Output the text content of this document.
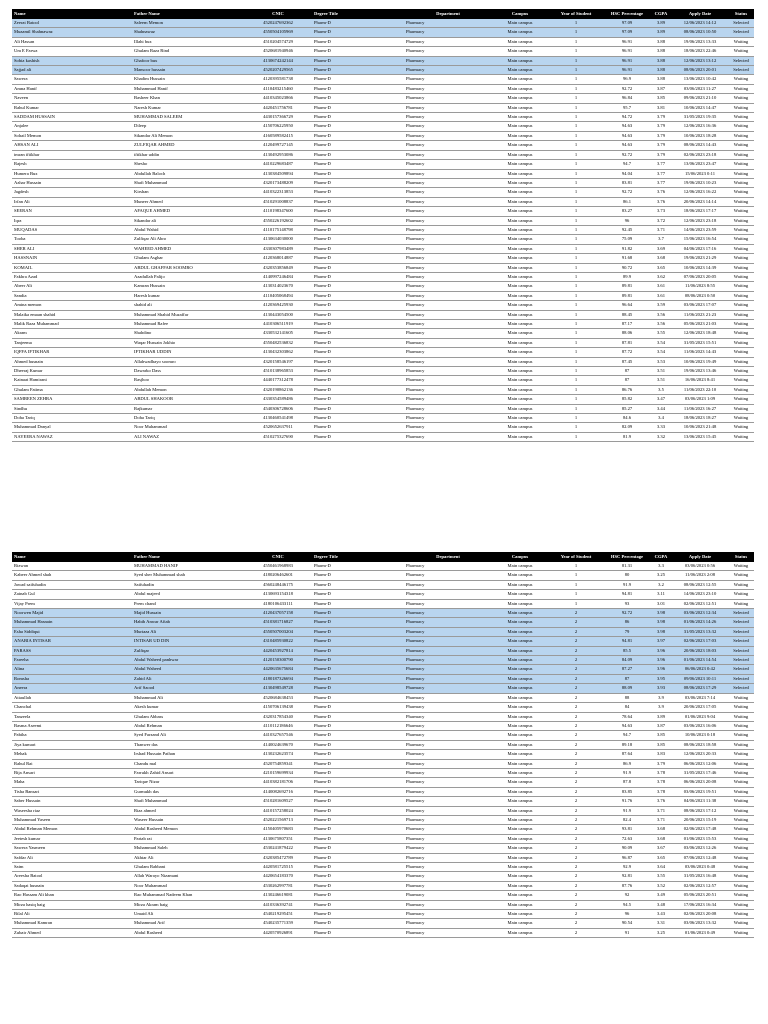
Name	Father Name	CNIC	Degree Title	Department	Campus	Year of Student	HSC Percentage	CGPA	Apply Date	Status
Zeerat Batool	Saleem Memon	4520247692362	Pharm-D	Pharmacy	Main campus	1	97.09	3.89	12/06/2023 14:12	Selected
Muzamil Shahnawaz	Shahnawaz	4550504105969	Pharm-D	Pharmacy	Main campus	1	97.09	3.89	08/06/2023 10:50	Selected
Ali Hassan	Illahi bux	4510204574729	Pharm-D	Pharmacy	Main campus	1	96.91	3.88	19/06/2023 13:33	Waiting
Um E Farwa	Ghulam Raza Rind	4520681940946	Pharm-D	Pharmacy	Main campus	1	96.91	3.88	18/06/2023 22:46	Waiting
Sobia kashish	Ghafoor bux	4130674242144	Pharm-D	Pharmacy	Main campus	1	96.91	3.88	12/06/2023 13:12	Selected
Sajjad ali	Mansoor hussain	4520207429565	Pharm-D	Pharmacy	Main campus	1	96.91	3.88	08/06/2023 20:01	Selected
Sawera	Khadim Hussain	4120395581738	Pharm-D	Pharmacy	Main campus	1	96.9	3.88	13/06/2023 10:42	Waiting
Amna Hanif	Muhammad Hanif	4110483215460	Pharm-D	Pharmacy	Main campus	1	92.72	3.87	03/06/2023 11:27	Waiting
Naveen	Basheer Khan	4410345023866	Pharm-D	Pharmacy	Main campus	1	96.84	3.85	09/06/2023 21:10	Waiting
Rahul Kumar	Naresh Kumar	4420451756781	Pharm-D	Pharmacy	Main campus	1	95.7	3.81	10/06/2023 14:47	Waiting
SADDAM HUSSAIN	MUHAMMAD SALEEM	4430157366729	Pharm-D	Pharmacy	Main campus	1	94.72	3.79	31/05/2023 19:35	Waiting
Anjalee	Dileep	4150706225950	Pharm-D	Pharmacy	Main campus	1	94.63	3.79	12/06/2023 16:36	Waiting
Sohail Memon	Sikandar Ali Memon	4160589582415	Pharm-D	Pharmacy	Main campus	1	94.63	3.79	10/06/2023 18:28	Waiting
AHSAN ALI	ZULFIQAR AHMED	4120499727145	Pharm-D	Pharmacy	Main campus	1	94.63	3.79	08/06/2023 14:43	Waiting
imran iftikhar	iftikhar uddin	4130492953086	Pharm-D	Pharmacy	Main campus	1	92.72	3.79	02/06/2023 23:18	Waiting
Rajesh	Shesho	4410229683487	Pharm-D	Pharmacy	Main campus	1	94.7	3.77	13/06/2023 23:47	Waiting
Humera Bux	Abdullah Baloch	4130384509894	Pharm-D	Pharmacy	Main campus	1	94.04	3.77	15/06/2023 0:11	Waiting
Azhar Hussain	Shafi Muhammad	4320173488209	Pharm-D	Pharmacy	Main campus	1	83.81	3.77	19/06/2023 10:23	Waiting
Jagdesh	Kirshan	4410322313853	Pharm-D	Pharmacy	Main campus	1	92.72	3.76	12/06/2023 16:22	Waiting
Irfan Ali	Muneer Ahmed	4510291008837	Pharm-D	Pharmacy	Main campus	1	86.1	3.76	20/06/2023 14:14	Waiting
SEERAN	AFAQUE AHMED	4110198347600	Pharm-D	Pharmacy	Main campus	1	83.27	3.73	18/06/2023 17:17	Waiting
Iqra	Sikandar ali	4550226192602	Pharm-D	Pharmacy	Main campus	1	96	3.72	12/06/2023 23:18	Waiting
MUQADAS	Abdul Wahid	4110175148798	Pharm-D	Pharmacy	Main campus	1	92.45	3.71	14/06/2023 23:59	Waiting
Tooba	Zulfiqar Ali Abro	4130634030000	Pharm-D	Pharmacy	Main campus	1	75.09	3.7	15/06/2023 16:54	Waiting
SHER ALI	WAHEED AHMED	4330307983489	Pharm-D	Pharmacy	Main campus	1	91.82	3.69	04/06/2023 17:16	Waiting
HASSNAIN	Ghulam Asghar	4120368014887	Pharm-D	Pharmacy	Main campus	1	91.68	3.68	19/06/2023 21:29	Waiting
KOMAIL	ABDUL GHAFFAR SOOMRO	4320353856849	Pharm-D	Pharmacy	Main campus	1	90.72	3.65	10/06/2023 14:39	Waiting
Fakhra Azad	Azadullah Palijo	4140997246484	Pharm-D	Pharmacy	Main campus	1	89.9	3.62	07/06/2023 20:05	Waiting
Abeer Ali	Kamran Hussain	4130314023670	Pharm-D	Pharmacy	Main campus	1	89.81	3.61	11/06/2023 8:55	Waiting
Sandia	Haresh kumar	4110405068494	Pharm-D	Pharmacy	Main campus	1	89.81	3.61	08/06/2023 0:50	Waiting
Amina memon	shahid ali	4120369425930	Pharm-D	Pharmacy	Main campus	1	96.64	3.59	03/06/2023 17:07	Waiting
Malaika emaan shahid	Muhammad Shahid Muzaffar	4130443054500	Pharm-D	Pharmacy	Main campus	1	88.45	3.56	11/06/2023 21:23	Waiting
Malik Raza Muhammad	Muhammad Rafee	4410306511919	Pharm-D	Pharmacy	Main campus	1	87.17	3.56	05/06/2023 21:03	Waiting
Akram	Shahdino	4330532141605	Pharm-D	Pharmacy	Main campus	1	88.06	3.55	12/06/2023 18:48	Waiting
Tanjeema	Waqar Hussain Jokhio	4550482536832	Pharm-D	Pharmacy	Main campus	1	87.81	3.54	31/05/2023 15:51	Waiting
IQFFA IFTIKHAR	IFTIKHAR UDDIN	4130432303862	Pharm-D	Pharmacy	Main campus	1	87.72	3.54	11/06/2023 14:43	Waiting
Ahmed husnain	Allahwadhayo soomro	4320158546197	Pharm-D	Pharmacy	Main campus	1	87.45	3.53	10/06/2023 19:49	Waiting
Dheeraj Kumar	Dawarko Dass	4510138965853	Pharm-D	Pharmacy	Main campus	1	87	3.51	19/06/2023 13:46	Waiting
Kainaat Hamirani	Rasjhoo	4440177312478	Pharm-D	Pharmacy	Main campus	1	87	3.51	16/06/2023 8:41	Waiting
Ghulam Fatima	Abdullah Memon	4320190862136	Pharm-D	Pharmacy	Main campus	1	86.76	3.5	11/06/2023 22:10	Waiting
SAMREEN ZEHRA	ABDUL SHAKOOR	4330354589486	Pharm-D	Pharmacy	Main campus	1	85.82	3.47	03/06/2023 1:09	Waiting
Sindhu	Rajkumar	4540306728606	Pharm-D	Pharmacy	Main campus	1	85.27	3.44	11/06/2023 16:27	Waiting
Doha Tariq	Doha Tariq	4130460541498	Pharm-D	Pharmacy	Main campus	1	84.6	3.4	18/06/2023 18:27	Waiting
Muhammad Danyal	Noor Muhammad	4520652637911	Pharm-D	Pharmacy	Main campus	1	82.09	3.33	10/06/2023 21:48	Waiting
NAYEERA NAWAZ	ALI NAWAZ	4510275327690	Pharm-D	Pharmacy	Main campus	1	81.9	3.32	13/06/2023 15:45	Waiting
Name	Father Name	CNIC	Degree Title	Department	Campus	Year of Student	HSC Percentage	CGPA	Apply Date	Status
Rizwan	MUHAMMAD HANIF	4550461968983	Pharm-D	Pharmacy	Main campus	1	81.31	3.3	03/06/2023 0:56	Waiting
Kabeer Ahmed shah	Syed sher Muhammad shah	4180206462601	Pharm-D	Pharmacy	Main campus	1	80	3.25	11/06/2023 2:08	Waiting
Jawad saifuhadin	Saifuhadin	4560248446175	Pharm-D	Pharmacy	Main campus	1	91.9	3.2	08/06/2023 12:55	Waiting
Zainab Gul	Abdul majeed	4130693154318	Pharm-D	Pharmacy	Main campus	1	94.81	3.11	14/06/2023 23:10	Waiting
Vijay Prem	Prem chand	4180106433111	Pharm-D	Pharmacy	Main campus	1	93	3.01	02/06/2023 12:51	Waiting
Noorwen Majid	Majid Hussain	4120437057158	Pharm-D	Pharmacy	Main campus	2	92.72	3.98	03/06/2023 12:34	Selected
Muhammad Hasnain	Habib Anwar Aftab	4510381716827	Pharm-D	Pharmacy	Main campus	2	86	3.98	01/06/2023 14:26	Selected
Esha Siddiqui	Murtaza Ali	4550507003204	Pharm-D	Pharmacy	Main campus	2	79	3.98	31/05/2023 13:32	Selected
ANABIA INTISAR	INTISAR UD DIN	4310485930822	Pharm-D	Pharmacy	Main campus	2	94.81	3.97	02/06/2023 17:03	Selected
PARASS	Zulfiqar	4420453927814	Pharm-D	Pharmacy	Main campus	2	85.5	3.96	20/06/2023 18:03	Selected
Fareeha	Abdul Waheed panhwar	4120150300790	Pharm-D	Pharmacy	Main campus	2	84.09	3.96	01/06/2023 14:54	Selected
Alina	Abdul Waheed	4420635675684	Pharm-D	Pharmacy	Main campus	2	87.27	3.96	06/06/2023 0:42	Selected
Romsha	Zahid Ali	4180187326694	Pharm-D	Pharmacy	Main campus	2	87	3.95	09/06/2023 10:11	Selected
Aneera	Arif Saood	4130498549728	Pharm-D	Pharmacy	Main campus	2	88.09	3.93	08/06/2023 17:29	Selected
Attaullah	Muhammad Ali	4520684638453	Pharm-D	Pharmacy	Main campus	2	88	3.9	03/06/2023 7:14	Waiting
Chanchal	Akesh kumar	4150706139438	Pharm-D	Pharmacy	Main campus	2	84	3.9	20/06/2023 17:05	Waiting
Tanzeela	Ghulam Abbass	4320317854340	Pharm-D	Pharmacy	Main campus	2	78.64	3.89	01/06/2023 9:04	Waiting
Basma Aseemi	Abdul Rehman	4110112186646	Pharm-D	Pharmacy	Main campus	2	94.63	3.87	03/06/2023 16:06	Waiting
Pabiha	Syed Farzand Ali	4410327657546	Pharm-D	Pharmacy	Main campus	2	94.7	3.85	10/06/2023 0:18	Waiting
Jiya kumari	Thanwer das	4140024639670	Pharm-D	Pharmacy	Main campus	2	89.18	3.85	08/06/2023 18:58	Waiting
Mehak	Irshad Hussain Pathan	4130232623574	Pharm-D	Pharmacy	Main campus	2	87.64	3.83	12/06/2023 20:33	Waiting
Rahul Rai	Chandu mal	4520754859341	Pharm-D	Pharmacy	Main campus	2	86.9	3.79	06/06/2023 12:06	Waiting
Bija Ansari	Farrukh Zahid Ansari	4210159699934	Pharm-D	Pharmacy	Main campus	2	91.9	3.78	31/05/2023 17:46	Waiting
Maha	Tarique Nizar	4410382181706	Pharm-D	Pharmacy	Main campus	2	87.8	3.78	06/06/2023 20:08	Waiting
Tisha Bansari	Gurmukh das	4140082692716	Pharm-D	Pharmacy	Main campus	2	83.85	3.78	03/06/2023 19:51	Waiting
Saber Hussain	Shafi Muhammad	4510281609527	Pharm-D	Pharmacy	Main campus	2	91.76	3.76	04/06/2023 11:38	Waiting
Waseesha riaz	Riaz ahmed	4410157258024	Pharm-D	Pharmacy	Main campus	2	91.9	3.71	08/06/2023 17:12	Waiting
Muhammad Yaseen	Waseer Hussain	4520221569713	Pharm-D	Pharmacy	Main campus	2	82.4	3.71	20/06/2023 15:19	Waiting
Abdul Rehman Memon	Abdul Rasheed Memon	4150405970683	Pharm-D	Pharmacy	Main campus	2	93.81	3.68	02/06/2023 17:48	Waiting
Jeetesh kumar	Partab rai	4130675807351	Pharm-D	Pharmacy	Main campus	2	72.63	3.68	01/06/2023 15:53	Waiting
Sawera Yasmeen	Muhammad Saleh	4530241879422	Pharm-D	Pharmacy	Main campus	2	90.09	3.67	03/06/2023 12:26	Waiting
Safdar Ali	Akhtar Ali	4320385472789	Pharm-D	Pharmacy	Main campus	2	96.87	3.65	07/06/2023 12:48	Waiting
Saim	Ghulam Rabbani	4420581725515	Pharm-D	Pharmacy	Main campus	2	92.9	3.64	03/06/2023 0:48	Waiting
Areesha Batool	Allah Warayo Nizamani	4420654183370	Pharm-D	Pharmacy	Main campus	2	92.81	3.55	31/05/2023 16:48	Waiting
Sadaqat husnain	Noor Muhammad	4530262997781	Pharm-D	Pharmacy	Main campus	2	87.76	3.52	02/06/2023 12:57	Waiting
Rao Hassam Ali khan	Rao Muhammad Nadeem Khan	4130246619081	Pharm-D	Pharmacy	Main campus	2	92	3.49	05/06/2023 20:51	Waiting
Mirza hasiq baig	Mirza Akram baig	4410336392741	Pharm-D	Pharmacy	Main campus	2	94.5	3.48	17/06/2023 16:34	Waiting
Bilal Ali	Umaid Ali	4540219295451	Pharm-D	Pharmacy	Main campus	2	96	3.43	02/06/2023 20:08	Waiting
Muhammad Kamran	Muhammad Arif	4540235771359	Pharm-D	Pharmacy	Main campus	2	90.54	3.31	03/06/2023 13:32	Waiting
Zubair Ahmed	Abdul Rasheed	4420570926891	Pharm-D	Pharmacy	Main campus	2	91	3.25	01/06/2023 0:49	Waiting
